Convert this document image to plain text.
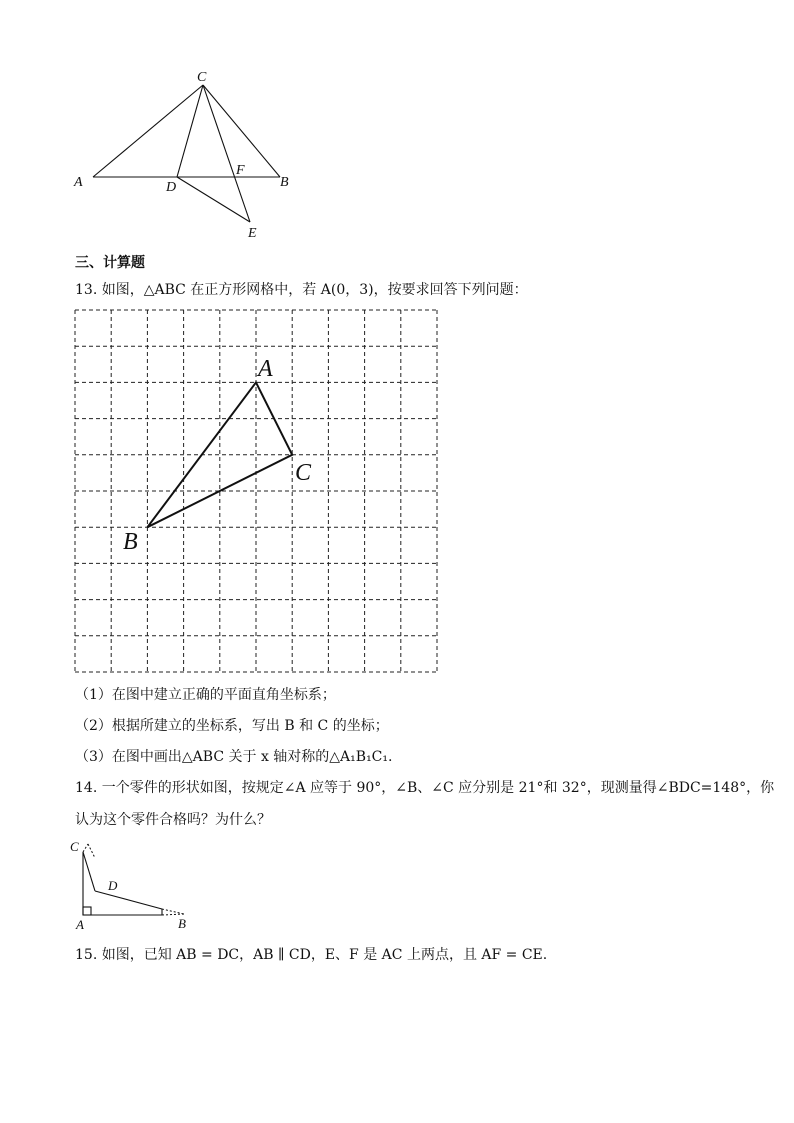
C
A	B
D
F
E
三、计算题
13. 如图，△ABC 在正方形网格中，若 A(0，3)，按要求回答下列问题：
A
C
B
（1）在图中建立正确的平面直角坐标系；
（2）根据所建立的坐标系，写出 B 和 C 的坐标；
（3）在图中画出△ABC 关于 x 轴对称的△A₁B₁C₁.
14. 一个零件的形状如图，按规定∠A 应等于 90°，∠B、∠C 应分别是 21°和 32°，现测量得∠BDC=148°，你
认为这个零件合格吗？为什么？
C
D
A	B
15. 如图，已知 AB = DC，AB ∥ CD，E、F 是 AC 上两点，且 AF = CE.
